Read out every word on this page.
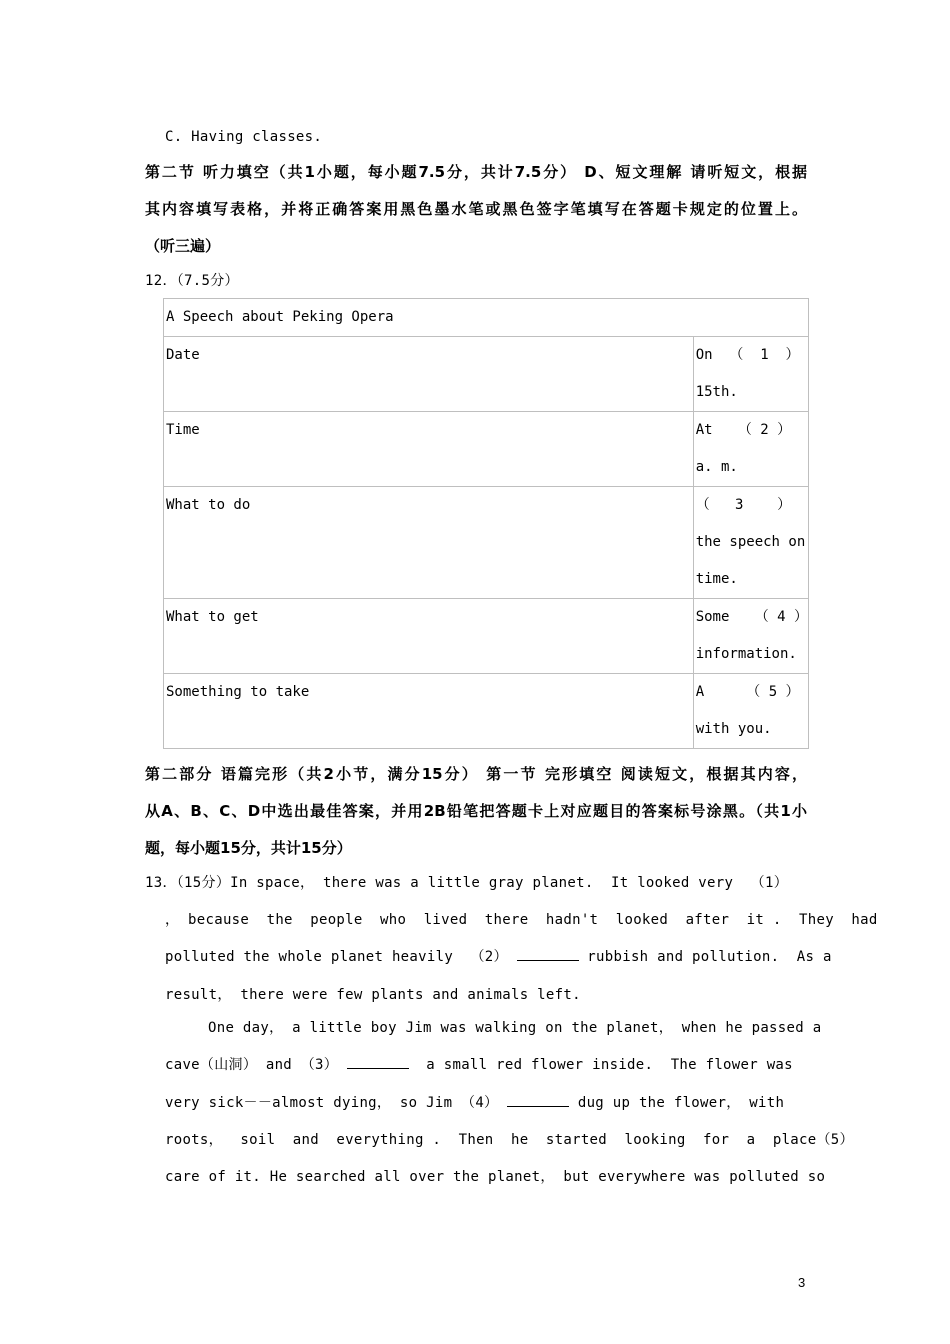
C. Having classes.
第二节 听力填空（共1小题，每小题7.5分，共计7.5分） D、短文理解 请听短文，根据
其内容填写表格，并将正确答案用黑色墨水笔或黑色签字笔填写在答题卡规定的位置上。
（听三遍）
12．（7.5分）
A Speech about Peking Opera	
Date	On  （  1  ）
15th.

Time	At   （ 2 ）
a. m.

What to do	（   3    ）
the speech on
time.

What to get	Some   （ 4 ）
information.

Something to take	A     （ 5 ）
with you.
第二部分 语篇完形（共2小节，满分15分） 第一节 完形填空 阅读短文，根据其内容，
从A、B、C、D中选出最佳答案，并用2B铅笔把答题卡上对应题目的答案标号涂黑。（共1小
题，每小题15分，共计15分）
13．（15分）In space， there was a little gray planet.  It looked very  （1）
， because  the  people  who  lived  there  hadn't  looked  after  it .  They  had
polluted the whole planet heavily  （2）	rubbish and pollution.  As a
result， there were few plants and animals left.
One day， a little boy Jim was walking on the planet， when he passed a
cave（山洞） and （3）	a small red flower inside.  The flower was
very sick－－almost dying， so Jim （4）	dug up the flower， with
roots，  soil  and  everything .  Then  he  started  looking  for  a  place（5）
care of it. He searched all over the planet， but everywhere was polluted so
3
